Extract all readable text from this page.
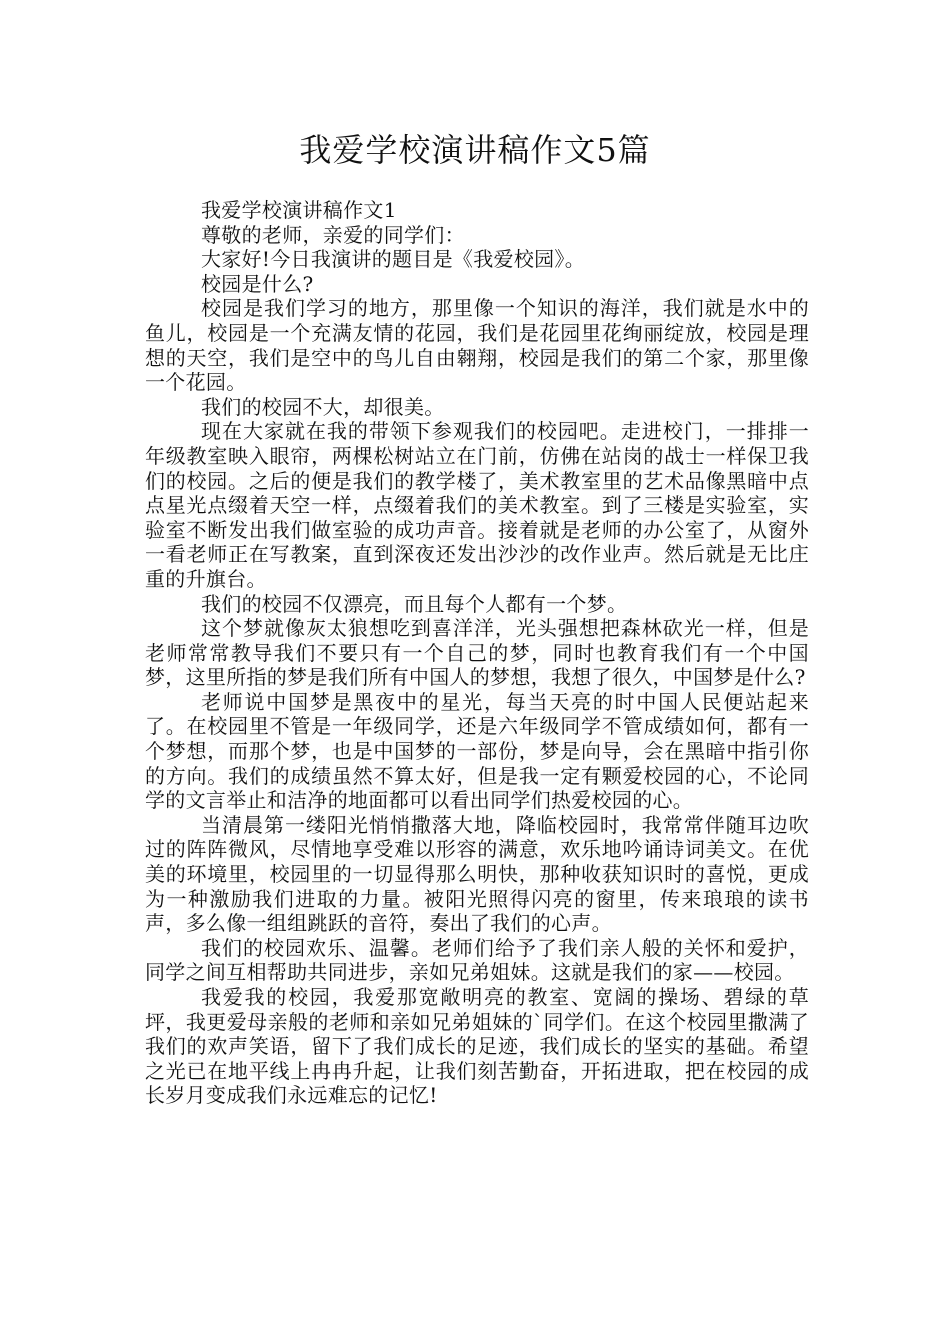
我爱学校演讲稿作文5篇

我爱学校演讲稿作文1

尊敬的老师，亲爱的同学们：

大家好!今日我演讲的题目是《我爱校园》。

校园是什么?

校园是我们学习的地方，那里像一个知识的海洋，我们就是水中的鱼儿，校园是一个充满友情的花园，我们是花园里花绚丽绽放，校园是理想的天空，我们是空中的鸟儿自由翱翔，校园是我们的第二个家，那里像一个花园。

我们的校园不大，却很美。

现在大家就在我的带领下参观我们的校园吧。走进校门，一排排一年级教室映入眼帘，两棵松树站立在门前，仿佛在站岗的战士一样保卫我们的校园。之后的便是我们的教学楼了，美术教室里的艺术品像黑暗中点点星光点缀着天空一样，点缀着我们的美术教室。到了三楼是实验室，实验室不断发出我们做室验的成功声音。接着就是老师的办公室了，从窗外一看老师正在写教案，直到深夜还发出沙沙的改作业声。然后就是无比庄重的升旗台。

我们的校园不仅漂亮，而且每个人都有一个梦。

这个梦就像灰太狼想吃到喜洋洋，光头强想把森林砍光一样，但是老师常常教导我们不要只有一个自己的梦，同时也教育我们有一个中国梦，这里所指的梦是我们所有中国人的梦想，我想了很久，中国梦是什么?

老师说中国梦是黑夜中的星光，每当天亮的时中国人民便站起来了。在校园里不管是一年级同学，还是六年级同学不管成绩如何，都有一个梦想，而那个梦，也是中国梦的一部份，梦是向导，会在黑暗中指引你的方向。我们的成绩虽然不算太好，但是我一定有颗爱校园的心，不论同学的文言举止和洁净的地面都可以看出同学们热爱校园的心。

当清晨第一缕阳光悄悄撒落大地，降临校园时，我常常伴随耳边吹过的阵阵微风，尽情地享受难以形容的满意，欢乐地吟诵诗词美文。在优美的环境里，校园里的一切显得那么明快，那种收获知识时的喜悦，更成为一种激励我们进取的力量。被阳光照得闪亮的窗里，传来琅琅的读书声，多么像一组组跳跃的音符，奏出了我们的心声。

我们的校园欢乐、温馨。老师们给予了我们亲人般的关怀和爱护，同学之间互相帮助共同进步，亲如兄弟姐妹。这就是我们的家——校园。

我爱我的校园，我爱那宽敞明亮的教室、宽阔的操场、碧绿的草坪，我更爱母亲般的老师和亲如兄弟姐妹的`同学们。在这个校园里撒满了我们的欢声笑语，留下了我们成长的足迹，我们成长的坚实的基础。希望之光已在地平线上冉冉升起，让我们刻苦勤奋，开拓进取，把在校园的成长岁月变成我们永远难忘的记忆!
